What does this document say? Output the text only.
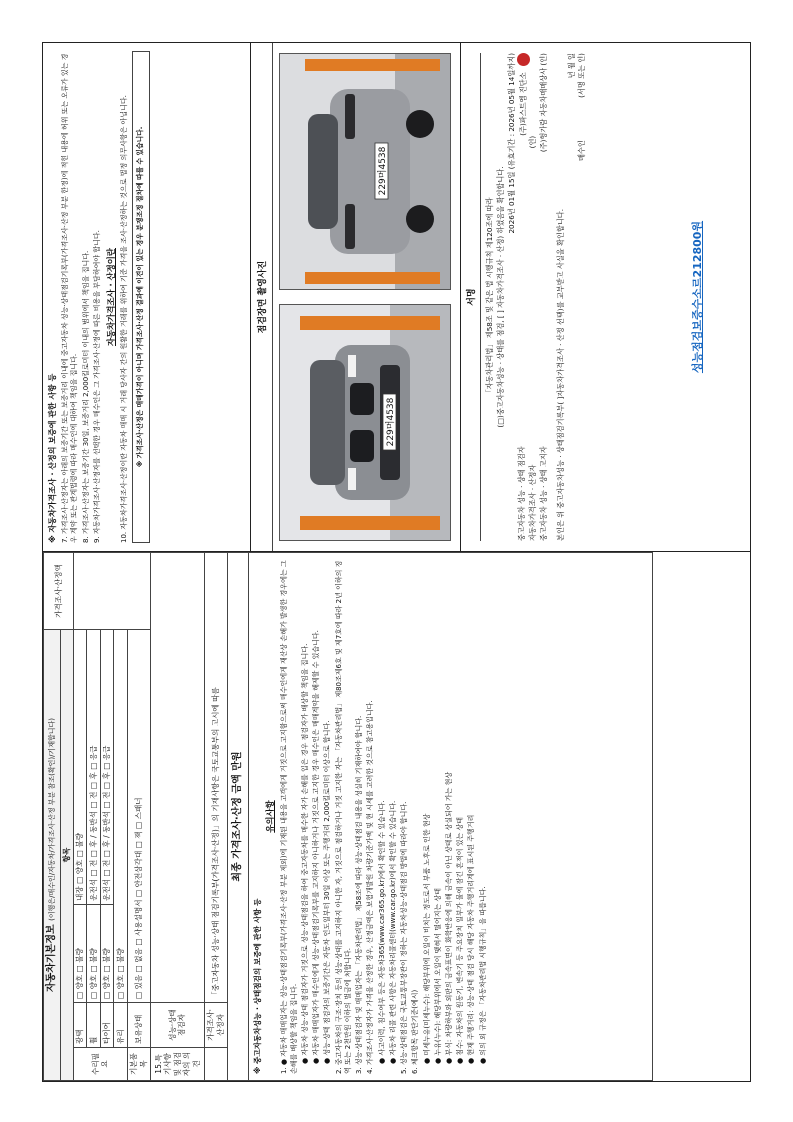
자동차기본정보 (이행은/매수인/자동차/가격조사·산정 부분 참조(확인)/기재합니다)				가격조사·산정액
항목				
수리필요	광택	□ 양호 □ 불량	내장 □ 양호 □ 불량	
	휠	□ 양호 □ 불량	운전석 □ 전 □ 후 / 동반석 □ 전 □ 후 □ 응급	
	타이어	□ 양호 □ 불량	운전석 □ 전 □ 후 / 동반석 □ 전 □ 후 □ 응급	
	유리	□ 양호 □ 불량		
기본품목	보유상태	□ 있음 □ 없음 □ 사용설명서 □ 안전삼각대 □ 잭 □ 스패너		
15.특기사항 및 점검자의 의견	성능·상태 점검자			
	가격조사·산정자	「중고자동차 성능·상태 점검기록부(가격조사·산정)」의 기재사항은 국토교통부의 고시에 따름		
최종 가격조사·산정 금액 만원				
※ 중고자동차성능 · 상태점검의 보증에 관한 사항 등
유의사항 1. ● 자동차 매매업자는 성능·상태점검기록부(가격조사·산정 부분 제외)에 기재된 내용을 고객에게 거짓으로 고지함으로써 매수인에게 재산상 손해가 발생한 경우에는 그 손해를 배상할 책임을 집니다. ● 자동차 성능·상태 점검자가 거짓으로 성능·상태점검을 하여 중고자동차를 매수한 자가 손해를 입은 경우 점검자가 배상할 책임을 집니다. ● 자동차 매매업자가 매수인에게 성능·상태점검기록부를 고지하지 아니하거나 거짓으로 고지한 경우 매수인은 매매계약을 해제할 수 있습니다. ● 성능·상태 점검자의 보증기간은 자동차 인도일부터 30일 이상 또는 주행거리 2,000킬로미터 이상으로 합니다. 2. 중고자동차의 구조·장치 등의 성능·상태를 고지하지 아니한 자, 거짓으로 점검하거나 거짓 고지한 자는 「자동차관리법」 제80조제6호 및 제7호에 따라 2년 이하의 징역 또는 2천만원 이하의 벌금에 처합니다. 3. 성능·상태점검자 및 매매업자는 「자동차관리법」 제58조에 따라 성능·상태점검 내용을 성실히 기재하여야 합니다. 4. 가격조사·산정자가 가격을 산정한 경우, 산정금액은 보험개발원 차량기준가액 및 현 시세를 고려한 것으로 참고용입니다. ● 사고이력, 침수여부 등은 자동차365(www.car365.go.kr)에서 확인할 수 있습니다. ● 자동차 리콜 관련 사항은 자동차리콜센터(www.car.go.kr)에서 확인할 수 있습니다. 5. 성능·상태점검은 국토교통부장관이 정하는 자동차성능·상태점검 방법에 따라야 합니다. 6. 체크항목 판단기준(예시) ● 미세누유(미세누수): 해당부위에 오일이 비치는 정도로서 부품 노후로 인한 현상 ● 누유(누수): 해당부위에서 오일이 맺혀서 떨어지는 상태 ● 부식: 차량하부와 외판의 금속표면이 화학반응에 의해 금속이 아닌 상태로 상실되어 가는 현상 ● 침수: 자동차의 원동기, 변속기 등 주요장치 일부가 물에 잠긴 흔적이 있는 상태 ● 현재 주행거리: 성능·상태 점검 당시 해당 자동차 주행거리계에 표시된 주행거리 ● 의의 외 규정은 「자동차관리법 시행규칙」을 따릅니다.
※ 자동차가격조사 · 산정의 보증에 관한 사항 등 7. 가격조사·산정자는 아래의 보증기간 또는 보증거리 이내에 중고자동차 성능·상태점검기록부(가격조사·산정 부분 한정)에 적힌 내용에 허위 또는 오류가 있는 경우 계약 또는 관계법령에 따라 매수인에 대하여 책임을 집니다. 8. 가격조사·산정자는 보증기간 30일, 보증거리 2,000킬로미터 이내의 범위에서 책임을 집니다. 9. 자동차가격조사·산정자를 선택한 경우 매수인은 그 가격조사·산정에 따른 비용을 부담하여야 합니다. 자동차가격조사 · 산정이란 10. 자동차가격조사·산정이란 자동차 매매 시 거래 당사자 간의 원활한 거래를 위하여 기준 가격을 조사·산정하는 것으로 법정 의무사항은 아닙니다.	※ 가격조사·산정은 매매가격이 아니며 가격조사·산정 결과에 이견이 있는 경우 분쟁조정 절차에 따를 수 있습니다.	점검장면 촬영사진
229머4538
229머4538
서명	「자동차관리법」 제58조 및 같은 법 시행규칙 제120조에 따라 (□)중고자동차성능 · 상태를 점검, [ ] 자동차가격조사 · 산정) 하였음을 확인합니다.
2026년 01월 15일 (유효기간 : 2026년 05월 14일까지)
중고자동차 성능 · 상태 점검자
(주)파스트엠 진단소
자동차가격조사 · 산정자
(인)
중고자동차 성능 · 상태 고지자
(주)헝가람 자동차매매상사 (인)
본인은 위 중고자동차성능 · 상태점검기록부( ]자동차가격조사 · 산정 선택)를 교부받고 사실을 확인합니다.
년 월 일
매수인 (서명 또는 인)
성능점검보증수소르212800원
